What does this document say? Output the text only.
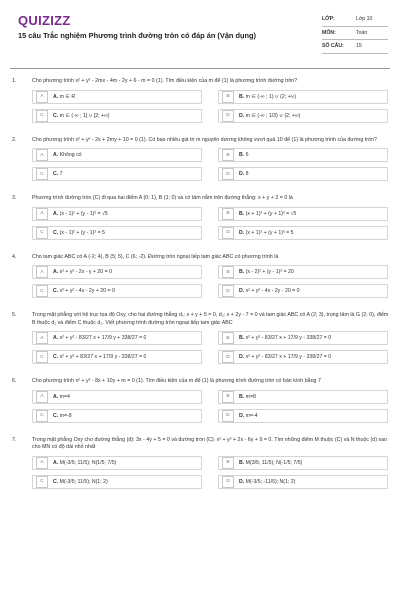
QUIZIZZ
15 câu Trắc nghiệm Phương trình đường tròn có đáp án (Vận dụng)
LỚP:	Lớp 10
MÔN:	Toán
SỐ CÂU:	15
1.	Cho phương trình x² + y² - 2mx - 4m - 2y + 6 - m = 0 (1). Tìm điều kiện của m để (1) là phương trình đường tròn?
A	A. m ∈ R	B	B. m ∈ (-∞ ; 1) ∪ (2; +∞)
C	C. m ∈ (-∞ ; 1] ∪ [2; +∞)	D	D. m ∈ (-∞ ; 1/3) ∪ (2; +∞)
2.	Cho phương trình x² + y² - 2x + 2my + 10 = 0 (1). Có bao nhiêu giá trị m nguyên dương không vượt quá 10 để (1) là phương trình của đường tròn?
A	A. Không có	B	B. 6
C	C. 7	D	D. 8
3.	Phương trình đường tròn (C) đi qua hai điểm A (0; 1), B (1; 0) và có tâm nằm trên đường thẳng: x + y + 2 = 0 là
A	A. (x - 1)² + (y - 1)² = √5	B	B. (x + 1)² + (y + 1)² = √5
C	C. (x - 1)² + (y - 1)² = 5	D	D. (x + 1)² + (y + 1)² = 5
4.	Cho tam giác ABC có A (-2; 4), B (5; 5), C (6; -2). Đường tròn ngoại tiếp tam giác ABC có phương trình là
A	A. x² + y² - 2x - y + 20 = 0	B	B. (x - 2)² + (y - 1)² = 20
C	C. x² + y² - 4x - 2y + 20 = 0	D	D. x² + y² - 4x - 2y - 20 = 0
5.	Trong mặt phẳng với hệ trục tọa độ Oxy, cho hai đường thẳng d₁: x + y + 5 = 0, d₂: x + 2y - 7 = 0 và tam giác ABC có A (2; 3), trọng tâm là G (2; 0), điểm B thuộc d₁ và điểm C thuộc d₂. Viết phương trình đường tròn ngoại tiếp tam giác ABC
A	A. x² + y² - 83/27 x + 17/9 y + 338/27 = 0	B	B. x² + y² - 83/27 x + 17/9 y - 338/27 = 0
C	C. x² + y² + 83/27 x + 17/9 y - 338/27 = 0	D	D. x² + y² - 83/27 x + 17/9 y - 338/27 = 0
6.	Cho phương trình x² + y² - 8x + 10y + m = 0 (1). Tìm điều kiện của m để (1) là phương trình đường tròn có bán kính bằng 7
A	A. m=4	B	B. m=8
C	C. m=-8	D	D. m=-4
7.	Trong mặt phẳng Oxy cho đường thẳng (d): 3x - 4y + 5 = 0 và đường tròn (C): x² + y² + 2x - 6y + 9 = 0. Tìm những điểm M thuộc (C) và N thuộc (d) sao cho MN có độ dài nhỏ nhất
A	A. M(-3/5; 11/5); N(1/5; 7/5)	B	B. M(3/5; 11/5); N(-1/5; 7/5)
C	C. M(-3/5; 11/5); N(1; 2)	D	D. M(-3/5; -11/5); N(1; 2)
